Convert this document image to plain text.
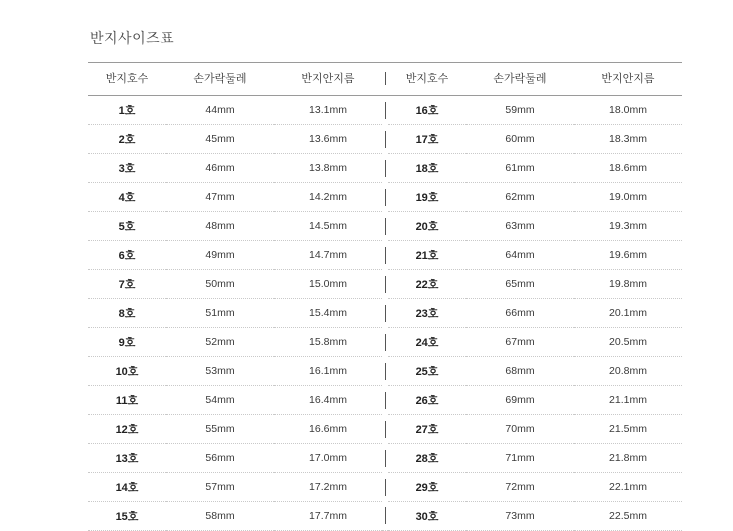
반지사이즈표
반지호수	손가락둘레	반지안지름		반지호수	손가락둘레	반지안지름
1호	44mm	13.1mm		16호	59mm	18.0mm
2호	45mm	13.6mm		17호	60mm	18.3mm
3호	46mm	13.8mm		18호	61mm	18.6mm
4호	47mm	14.2mm		19호	62mm	19.0mm
5호	48mm	14.5mm		20호	63mm	19.3mm
6호	49mm	14.7mm		21호	64mm	19.6mm
7호	50mm	15.0mm		22호	65mm	19.8mm
8호	51mm	15.4mm		23호	66mm	20.1mm
9호	52mm	15.8mm		24호	67mm	20.5mm
10호	53mm	16.1mm		25호	68mm	20.8mm
11호	54mm	16.4mm		26호	69mm	21.1mm
12호	55mm	16.6mm		27호	70mm	21.5mm
13호	56mm	17.0mm		28호	71mm	21.8mm
14호	57mm	17.2mm		29호	72mm	22.1mm
15호	58mm	17.7mm		30호	73mm	22.5mm
